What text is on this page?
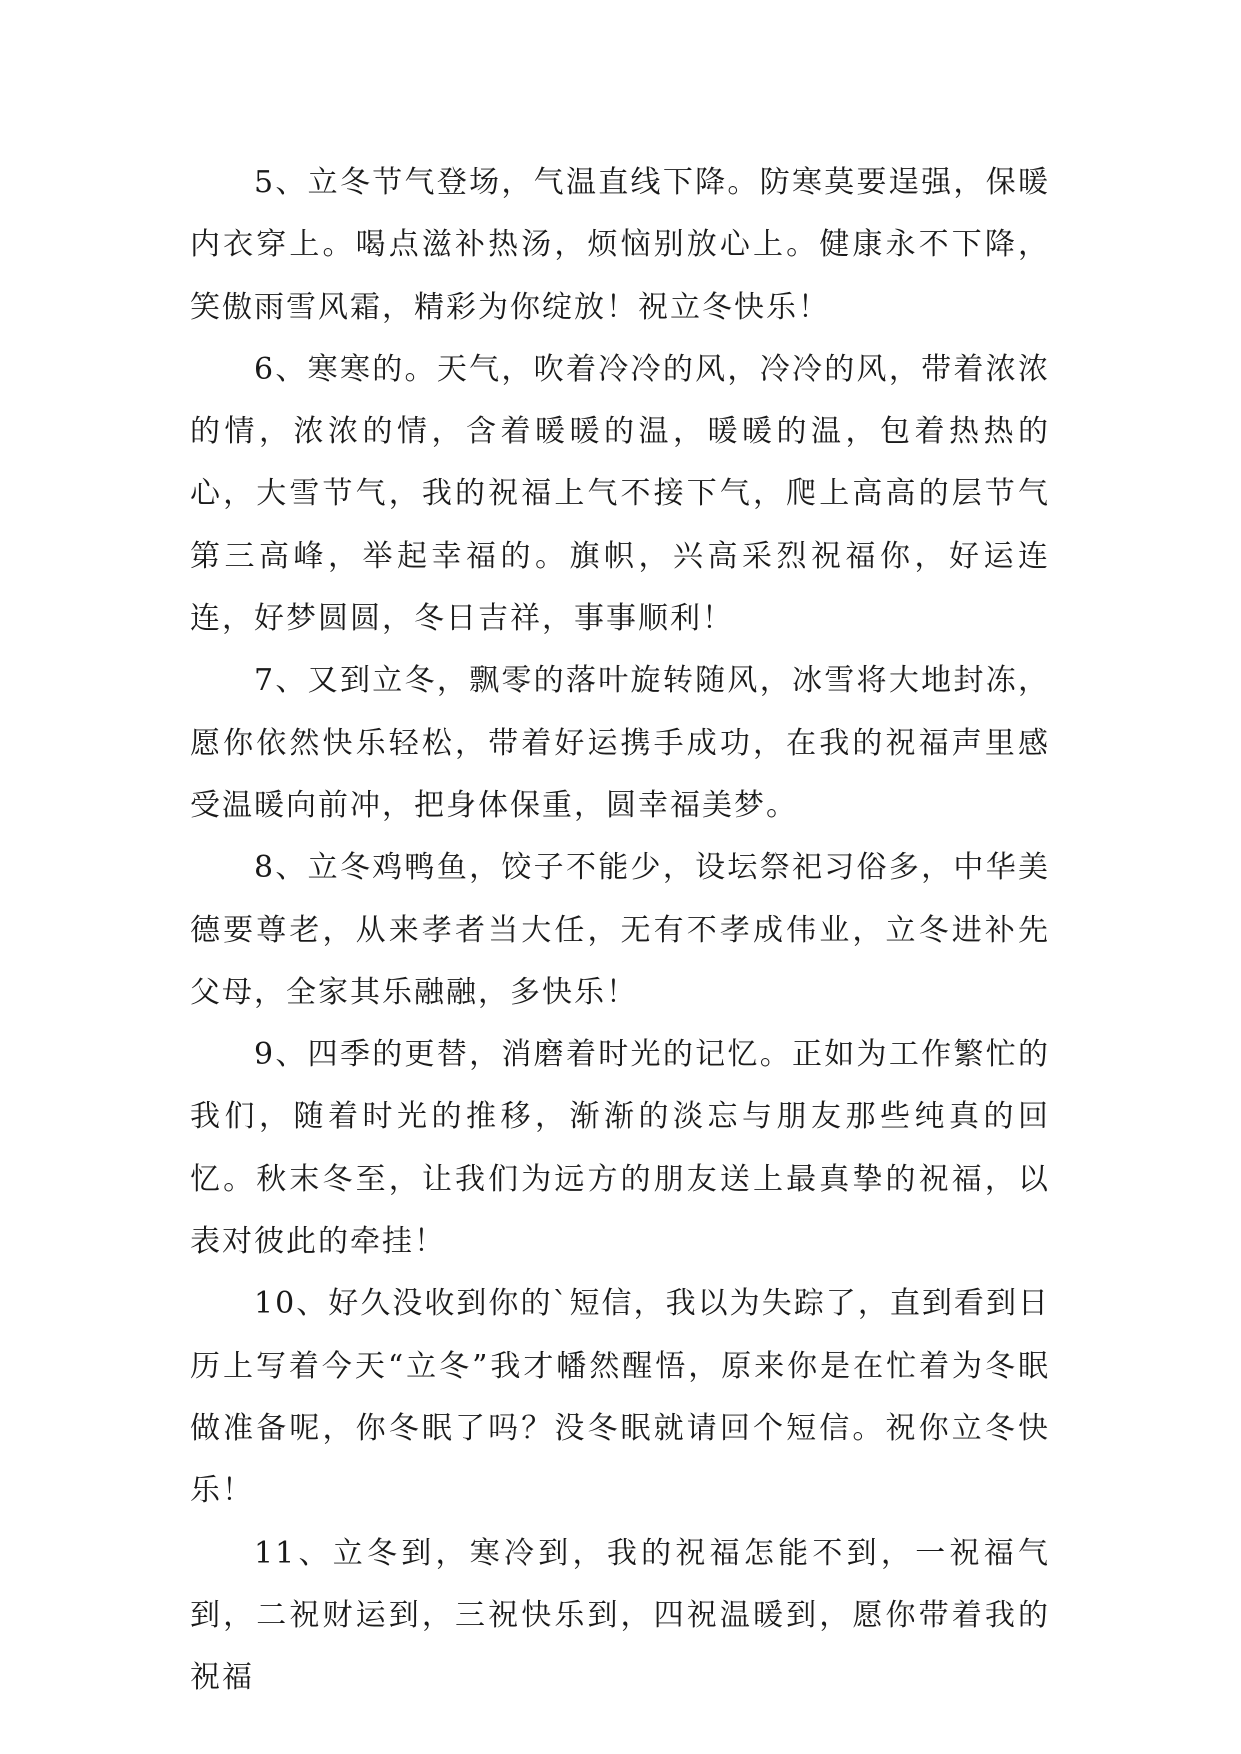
5、立冬节气登场，气温直线下降。防寒莫要逞强，保暖内衣穿上。喝点滋补热汤，烦恼别放心上。健康永不下降，笑傲雨雪风霜，精彩为你绽放！祝立冬快乐！

6、寒寒的。天气，吹着冷冷的风，冷冷的风，带着浓浓的情，浓浓的情，含着暖暖的温，暖暖的温，包着热热的心，大雪节气，我的祝福上气不接下气，爬上高高的层节气第三高峰，举起幸福的。旗帜，兴高采烈祝福你，好运连连，好梦圆圆，冬日吉祥，事事顺利！

7、又到立冬，飘零的落叶旋转随风，冰雪将大地封冻，愿你依然快乐轻松，带着好运携手成功，在我的祝福声里感受温暖向前冲，把身体保重，圆幸福美梦。

8、立冬鸡鸭鱼，饺子不能少，设坛祭祀习俗多，中华美德要尊老，从来孝者当大任，无有不孝成伟业，立冬进补先父母，全家其乐融融，多快乐！

9、四季的更替，消磨着时光的记忆。正如为工作繁忙的我们，随着时光的推移，渐渐的淡忘与朋友那些纯真的回忆。秋末冬至，让我们为远方的朋友送上最真挚的祝福，以表对彼此的牵挂！

10、好久没收到你的`短信，我以为失踪了，直到看到日历上写着今天“立冬”我才幡然醒悟，原来你是在忙着为冬眠做准备呢，你冬眠了吗？没冬眠就请回个短信。祝你立冬快乐！

11、立冬到，寒冷到，我的祝福怎能不到，一祝福气到，二祝财运到，三祝快乐到，四祝温暖到，愿你带着我的祝福
